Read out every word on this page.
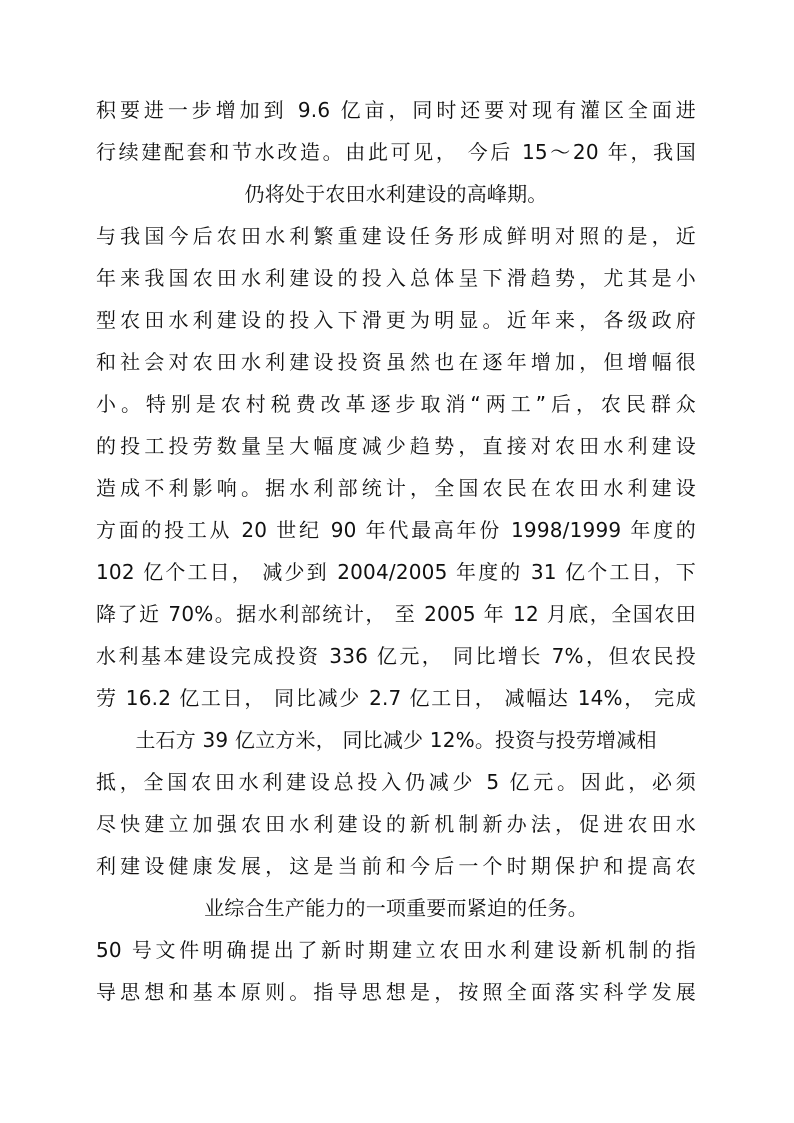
积要进一步增加到 9.6 亿亩，同时还要对现有灌区全面进
行续建配套和节水改造。由此可见， 今后 15～20 年，我国
仍将处于农田水利建设的高峰期。
与我国今后农田水利繁重建设任务形成鲜明对照的是，近
年来我国农田水利建设的投入总体呈下滑趋势，尤其是小
型农田水利建设的投入下滑更为明显。近年来，各级政府
和社会对农田水利建设投资虽然也在逐年增加，但增幅很
小。特别是农村税费改革逐步取消“两工”后，农民群众
的投工投劳数量呈大幅度减少趋势，直接对农田水利建设
造成不利影响。据水利部统计，全国农民在农田水利建设
方面的投工从 20 世纪 90 年代最高年份 1998/1999 年度的
102 亿个工日， 减少到 2004/2005 年度的 31 亿个工日，下
降了近 70%。据水利部统计， 至 2005 年 12 月底，全国农田
水利基本建设完成投资 336 亿元， 同比增长 7%，但农民投
劳 16.2 亿工日， 同比减少 2.7 亿工日， 减幅达 14%， 完成
土石方 39 亿立方米， 同比减少 12%。投资与投劳增减相
抵，全国农田水利建设总投入仍减少 5 亿元。因此，必须
尽快建立加强农田水利建设的新机制新办法，促进农田水
利建设健康发展，这是当前和今后一个时期保护和提高农
业综合生产能力的一项重要而紧迫的任务。
50 号文件明确提出了新时期建立农田水利建设新机制的指
导思想和基本原则。指导思想是，按照全面落实科学发展
